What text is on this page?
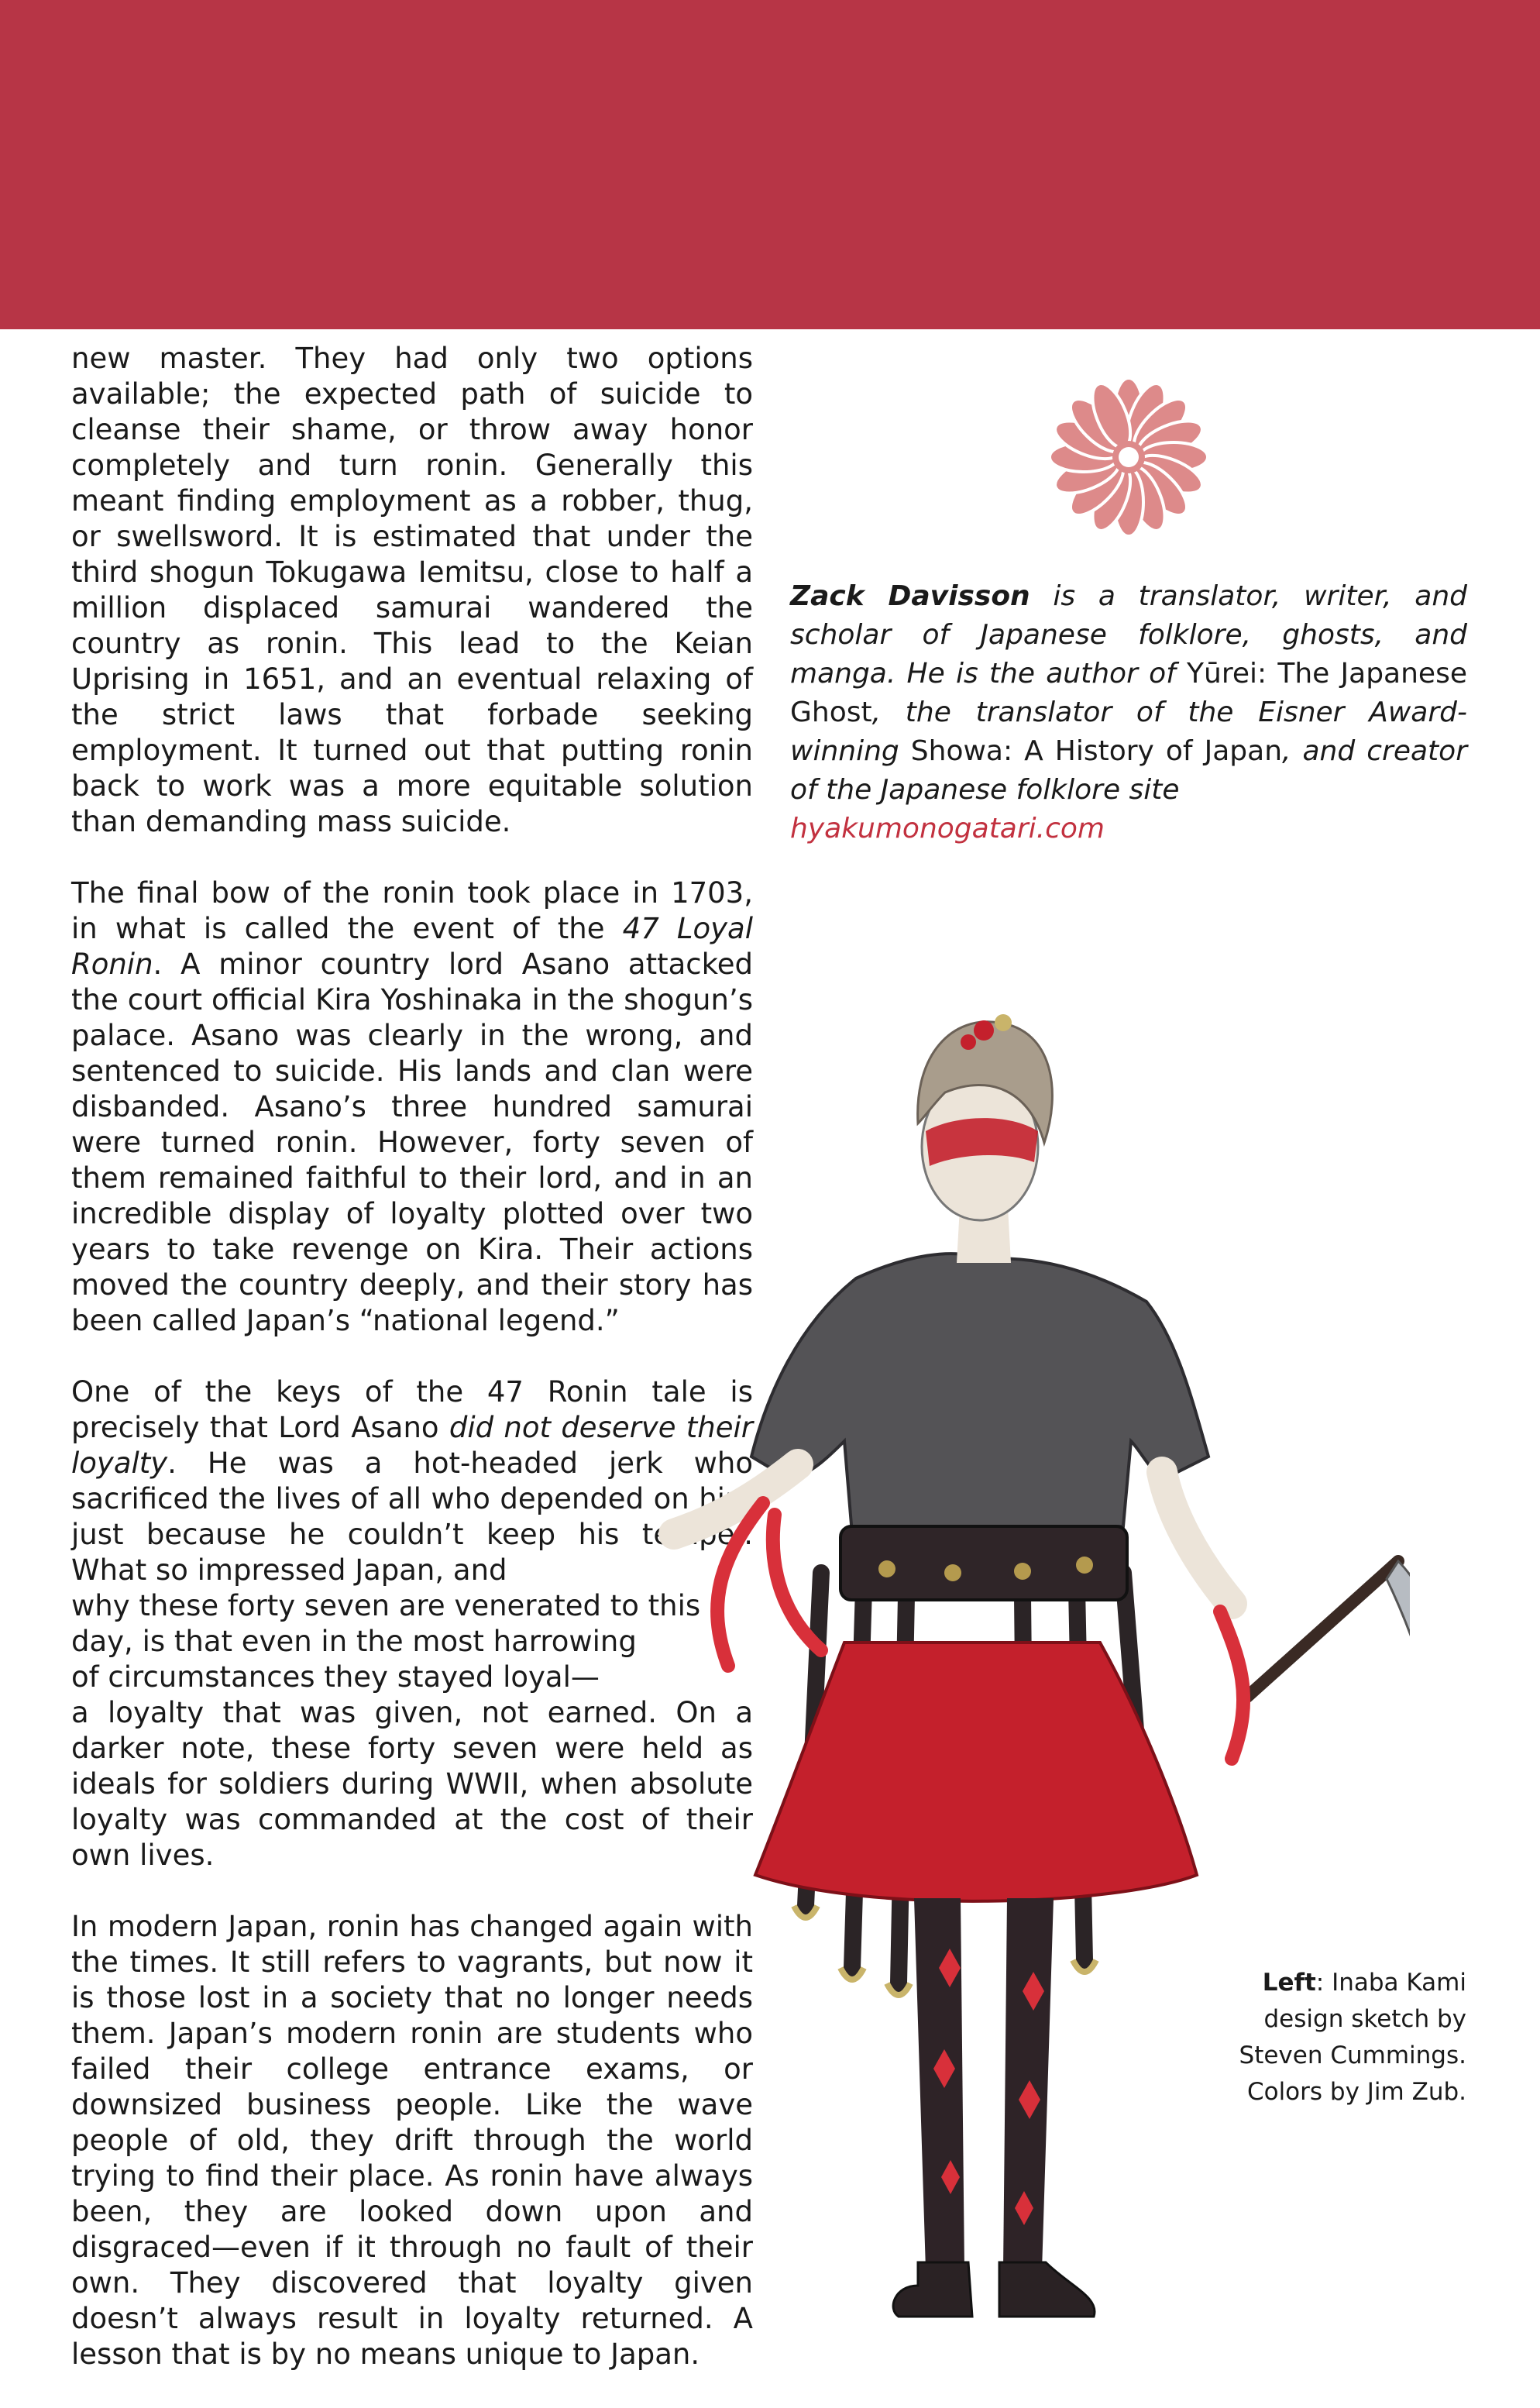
new master. They had only two options available; the expected path of suicide to cleanse their shame, or throw away honor completely and turn ronin. Generally this meant finding employment as a robber, thug, or swellsword. It is estimated that under the third shogun Tokugawa Iemitsu, close to half a million displaced samurai wandered the country as ronin. This lead to the Keian Uprising in 1651, and an eventual relaxing of the strict laws that forbade seeking employment. It turned out that putting ronin back to work was a more equitable solution than demanding mass suicide.

The final bow of the ronin took place in 1703, in what is called the event of the 47 Loyal Ronin. A minor country lord Asano attacked the court official Kira Yoshinaka in the shogun’s palace. Asano was clearly in the wrong, and sentenced to suicide. His lands and clan were disbanded. Asano’s three hundred samurai were turned ronin. However, forty seven of them remained faithful to their lord, and in an incredible display of loyalty plotted over two years to take revenge on Kira. Their actions moved the country deeply, and their story has been called Japan’s “national legend.”

One of the keys of the 47 Ronin tale is precisely that Lord Asano did not deserve their loyalty. He was a hot-headed jerk who sacrificed the lives of all who depended on him just because he couldn’t keep his temper. What so impressed Japan, and

why these forty seven are venerated to this
day, is that even in the most harrowing
of circumstances they stayed loyal—

a loyalty that was given, not earned. On a darker note, these forty seven were held as ideals for soldiers during WWII, when absolute loyalty was commanded at the cost of their own lives.

In modern Japan, ronin has changed again with the times. It still refers to vagrants, but now it is those lost in a society that no longer needs them. Japan’s modern ronin are students who failed their college entrance exams, or downsized business people. Like the wave people of old, they drift through the world trying to find their place. As ronin have always been, they are looked down upon and disgraced—even if it through no fault of their own. They discovered that loyalty given doesn’t always result in loyalty returned. A lesson that is by no means unique to Japan.

Zack Davisson is a translator, writer, and scholar of Japanese folklore, ghosts, and manga. He is the author of Yūrei: The Japanese Ghost, the translator of the Eisner Award-winning Showa: A History of Japan, and creator of the Japanese folklore site
hyakumonogatari.com
Left: Inaba Kami
design sketch by
Steven Cummings.
Colors by Jim Zub.
